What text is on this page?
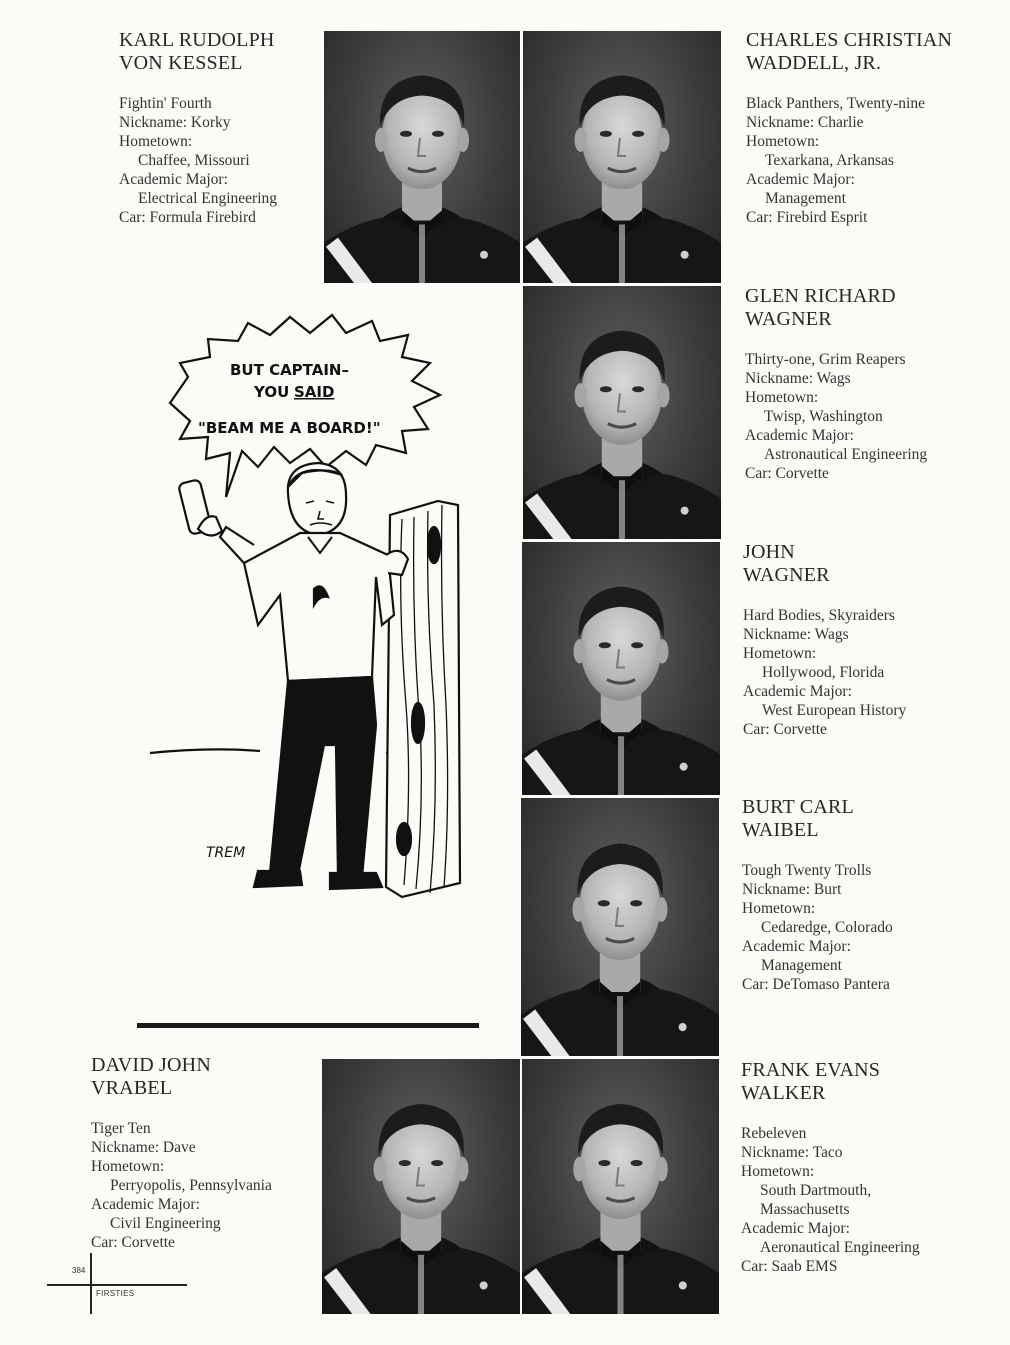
KARL RUDOLPH
VON KESSEL
Fightin' Fourth
Nickname: Korky
Hometown:
Chaffee, Missouri
Academic Major:
Electrical Engineering
Car: Formula Firebird
CHARLES CHRISTIAN
WADDELL, JR.
Black Panthers, Twenty-nine
Nickname: Charlie
Hometown:
Texarkana, Arkansas
Academic Major:
Management
Car: Firebird Esprit
GLEN RICHARD
WAGNER
Thirty-one, Grim Reapers
Nickname: Wags
Hometown:
Twisp, Washington
Academic Major:
Astronautical Engineering
Car: Corvette
JOHN
WAGNER
Hard Bodies, Skyraiders
Nickname: Wags
Hometown:
Hollywood, Florida
Academic Major:
West European History
Car: Corvette
BURT CARL
WAIBEL
Tough Twenty Trolls
Nickname: Burt
Hometown:
Cedaredge, Colorado
Academic Major:
Management
Car: DeTomaso Pantera
DAVID JOHN
VRABEL
Tiger Ten
Nickname: Dave
Hometown:
Perryopolis, Pennsylvania
Academic Major:
Civil Engineering
Car: Corvette
FRANK EVANS
WALKER
Rebeleven
Nickname: Taco
Hometown:
South Dartmouth,
Massachusetts
Academic Major:
Aeronautical Engineering
Car: Saab EMS
BUT CAPTAIN–
YOU SAID
"BEAM ME A BOARD!"
TREM
384
FIRSTIES
